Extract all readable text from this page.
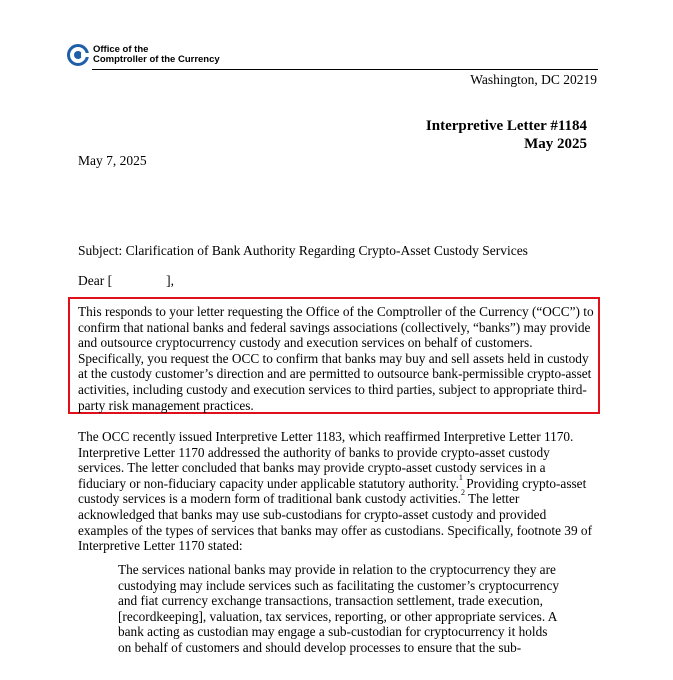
Office of the
Comptroller of the Currency
Washington, DC 20219
Interpretive Letter #1184
May 2025
May 7, 2025
Subject: Clarification of Bank Authority Regarding Crypto-Asset Custody Services
Dear [                ],
This responds to your letter requesting the Office of the Comptroller of the Currency (“OCC”) to
confirm that national banks and federal savings associations (collectively, “banks”) may provide
and outsource cryptocurrency custody and execution services on behalf of customers.
Specifically, you request the OCC to confirm that banks may buy and sell assets held in custody
at the custody customer’s direction and are permitted to outsource bank-permissible crypto-asset
activities, including custody and execution services to third parties, subject to appropriate third-
party risk management practices.
The OCC recently issued Interpretive Letter 1183, which reaffirmed Interpretive Letter 1170.
Interpretive Letter 1170 addressed the authority of banks to provide crypto-asset custody
services. The letter concluded that banks may provide crypto-asset custody services in a
fiduciary or non-fiduciary capacity under applicable statutory authority.$^1$ Providing crypto-asset
custody services is a modern form of traditional bank custody activities.$^2$ The letter
acknowledged that banks may use sub-custodians for crypto-asset custody and provided
examples of the types of services that banks may offer as custodians. Specifically, footnote 39 of
Interpretive Letter 1170 stated:
The services national banks may provide in relation to the cryptocurrency they are
custodying may include services such as facilitating the customer’s cryptocurrency
and fiat currency exchange transactions, transaction settlement, trade execution,
[recordkeeping], valuation, tax services, reporting, or other appropriate services. A
bank acting as custodian may engage a sub-custodian for cryptocurrency it holds
on behalf of customers and should develop processes to ensure that the sub-
